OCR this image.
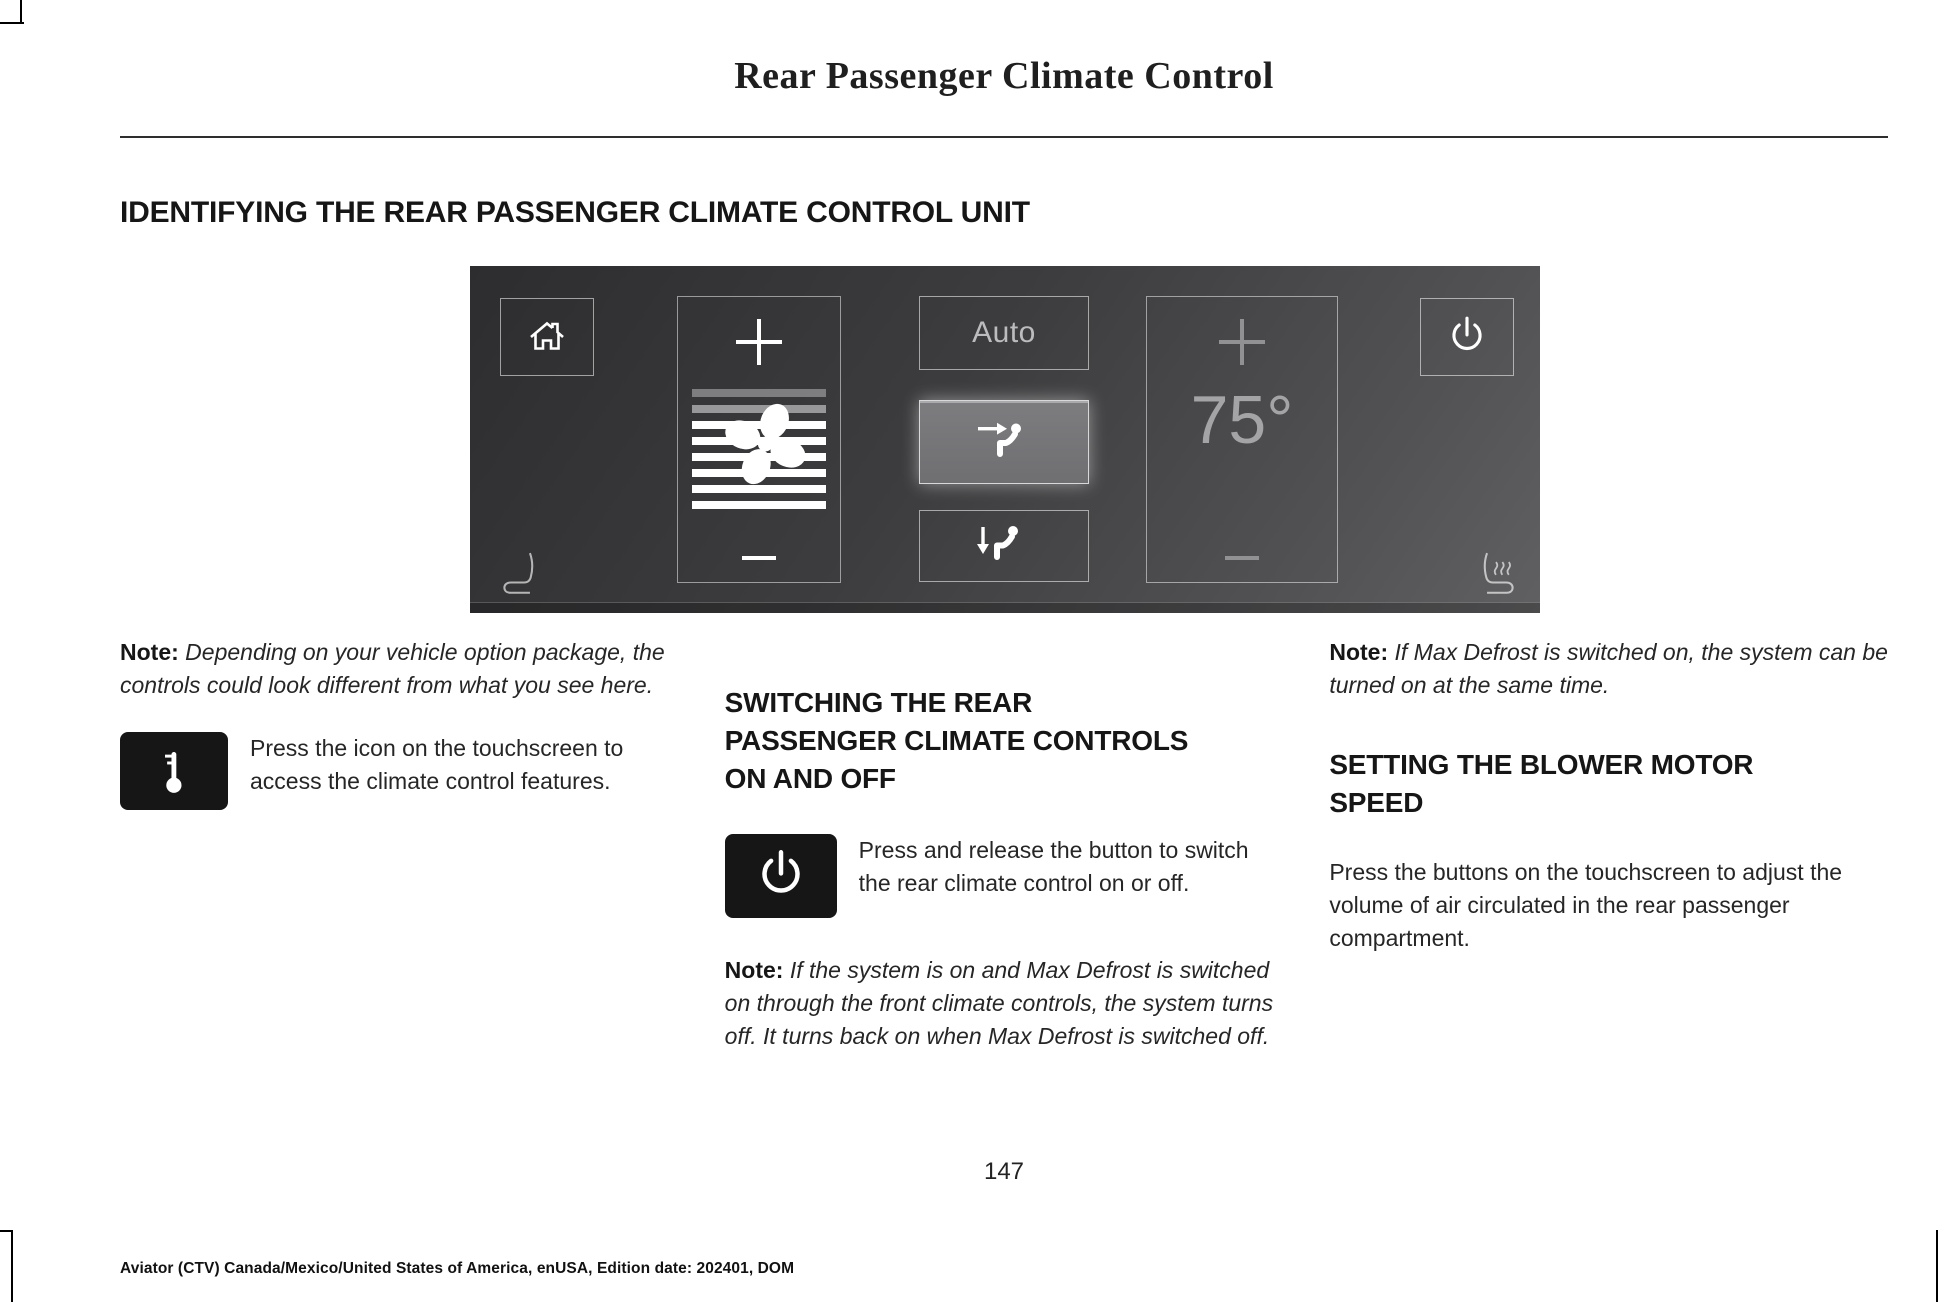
Rear Passenger Climate Control
IDENTIFYING THE REAR PASSENGER CLIMATE CONTROL UNIT
Auto
75°

Note: Depending on your vehicle option package, the controls could look different from what you see here.

Press the icon on the touchscreen to access the climate control features.

SWITCHING THE REAR
PASSENGER CLIMATE CONTROLS
ON AND OFF

Press and release the button to switch the rear climate control on or off.

Note: If the system is on and Max Defrost is switched on through the front climate controls, the system turns off. It turns back on when Max Defrost is switched off.

Note: If Max Defrost is switched on, the system can be turned on at the same time.

SETTING THE BLOWER MOTOR
SPEED

Press the buttons on the touchscreen to adjust the volume of air circulated in the rear passenger compartment.

147
Aviator (CTV) Canada/Mexico/United States of America, enUSA, Edition date: 202401, DOM
